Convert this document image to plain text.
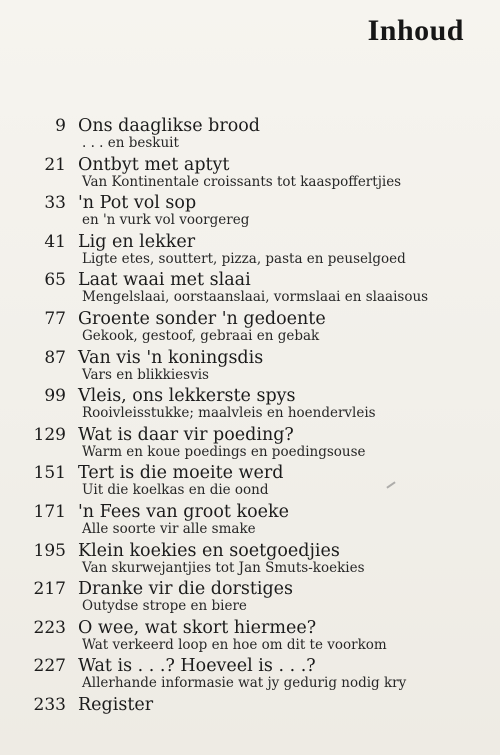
Inhoud
9 Ons daaglikse brood
. . . en beskuit
21 Ontbyt met aptyt
Van Kontinentale croissants tot kaaspoffertjies
33 'n Pot vol sop
en 'n vurk vol voorgereg
41 Lig en lekker
Ligte etes, souttert, pizza, pasta en peuselgoed
65 Laat waai met slaai
Mengelslaai, oorstaanslaai, vormslaai en slaaisous
77 Groente sonder 'n gedoente
Gekook, gestoof, gebraai en gebak
87 Van vis 'n koningsdis
Vars en blikkiesvis
99 Vleis, ons lekkerste spys
Rooivleisstukke; maalvleis en hoendervleis
129 Wat is daar vir poeding?
Warm en koue poedings en poedingsouse
151 Tert is die moeite werd
Uit die koelkas en die oond
171 'n Fees van groot koeke
Alle soorte vir alle smake
195 Klein koekies en soetgoedjies
Van skurwejantjies tot Jan Smuts-koekies
217 Dranke vir die dorstiges
Outydse strope en biere
223 O wee, wat skort hiermee?
Wat verkeerd loop en hoe om dit te voorkom
227 Wat is . . .? Hoeveel is . . .?
Allerhande informasie wat jy gedurig nodig kry
233 Register
